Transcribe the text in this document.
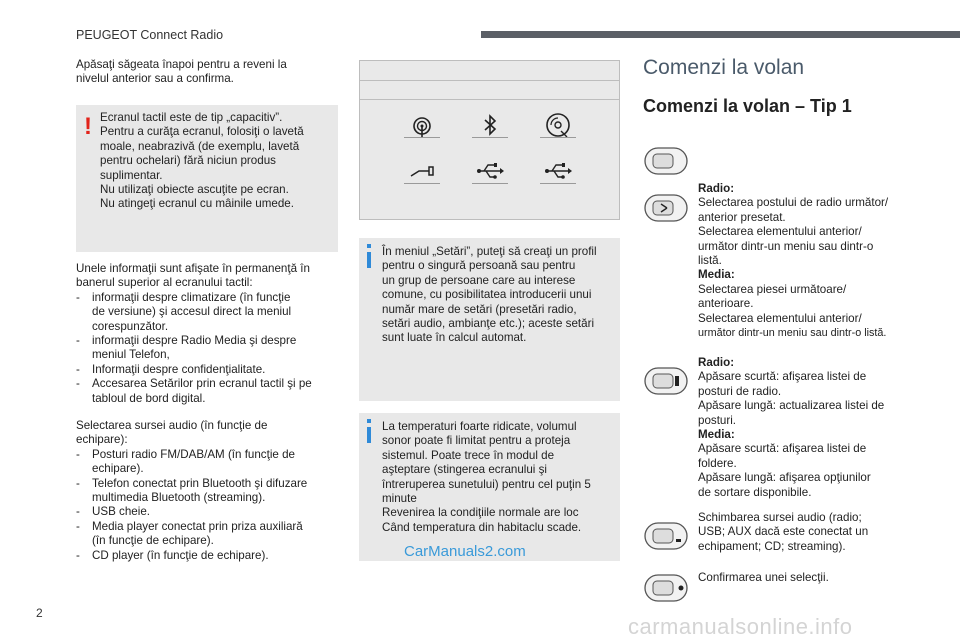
PEUGEOT Connect Radio

Apăsaţi săgeata înapoi pentru a reveni la

nivelul anterior sau a confirma.

! Ecranul tactil este de tip „capacitiv”.

Pentru a curăţa ecranul, folosiţi o lavetă

moale, neabrazivă (de exemplu, lavetă

pentru ochelari) fără niciun produs

suplimentar.

Nu utilizaţi obiecte ascuţite pe ecran.

Nu atingeţi ecranul cu mâinile umede.

Unele informaţii sunt afişate în permanenţă în

banerul superior al ecranului tactil:

- informaţii despre climatizare (în funcţie
de versiune) şi accesul direct la meniul
corespunzător.
- informaţii despre Radio Media şi despre
meniul Telefon,
- Informaţii despre confidenţialitate.
- Accesarea Setărilor prin ecranul tactil şi pe
tabloul de bord digital.

Selectarea sursei audio (în funcţie de

echipare):

- Posturi radio FM/DAB/AM (în funcţie de
echipare).
- Telefon conectat prin Bluetooth şi difuzare
multimedia Bluetooth (streaming).
- USB cheie.
- Media player conectat prin priza auxiliară
(în funcţie de echipare).
- CD player (în funcţie de echipare).

În meniul „Setări”, puteţi să creaţi un profil

pentru o singură persoană sau pentru

un grup de persoane care au interese

comune, cu posibilitatea introducerii unui

număr mare de setări (presetări radio,

setări audio, ambianţe etc.); aceste setări

sunt luate în calcul automat.

La temperaturi foarte ridicate, volumul

sonor poate fi limitat pentru a proteja

sistemul. Poate trece în modul de

aşteptare (stingerea ecranului şi

întreruperea sunetului) pentru cel puţin 5

minute

Revenirea la condiţiile normale are loc

Când temperatura din habitaclu scade.

CarManuals2.com
Comenzi la volan
Comenzi la volan – Tip 1
Radio:
Selectarea postului de radio următor/
anterior presetat.
Selectarea elementului anterior/
următor dintr-un meniu sau dintr-o
listă.
Media:
Selectarea piesei următoare/
anterioare.
Selectarea elementului anterior/
următor dintr-un meniu sau dintr-o listă.
Radio:
Apăsare scurtă: afişarea listei de
posturi de radio.
Apăsare lungă: actualizarea listei de
posturi.
Media:
Apăsare scurtă: afişarea listei de
foldere.
Apăsare lungă: afişarea opţiunilor
de sortare disponibile.
Schimbarea sursei audio (radio;
USB; AUX dacă este conectat un
echipament; CD; streaming).
Confirmarea unei selecţii.
2
carmanualsonline.info
